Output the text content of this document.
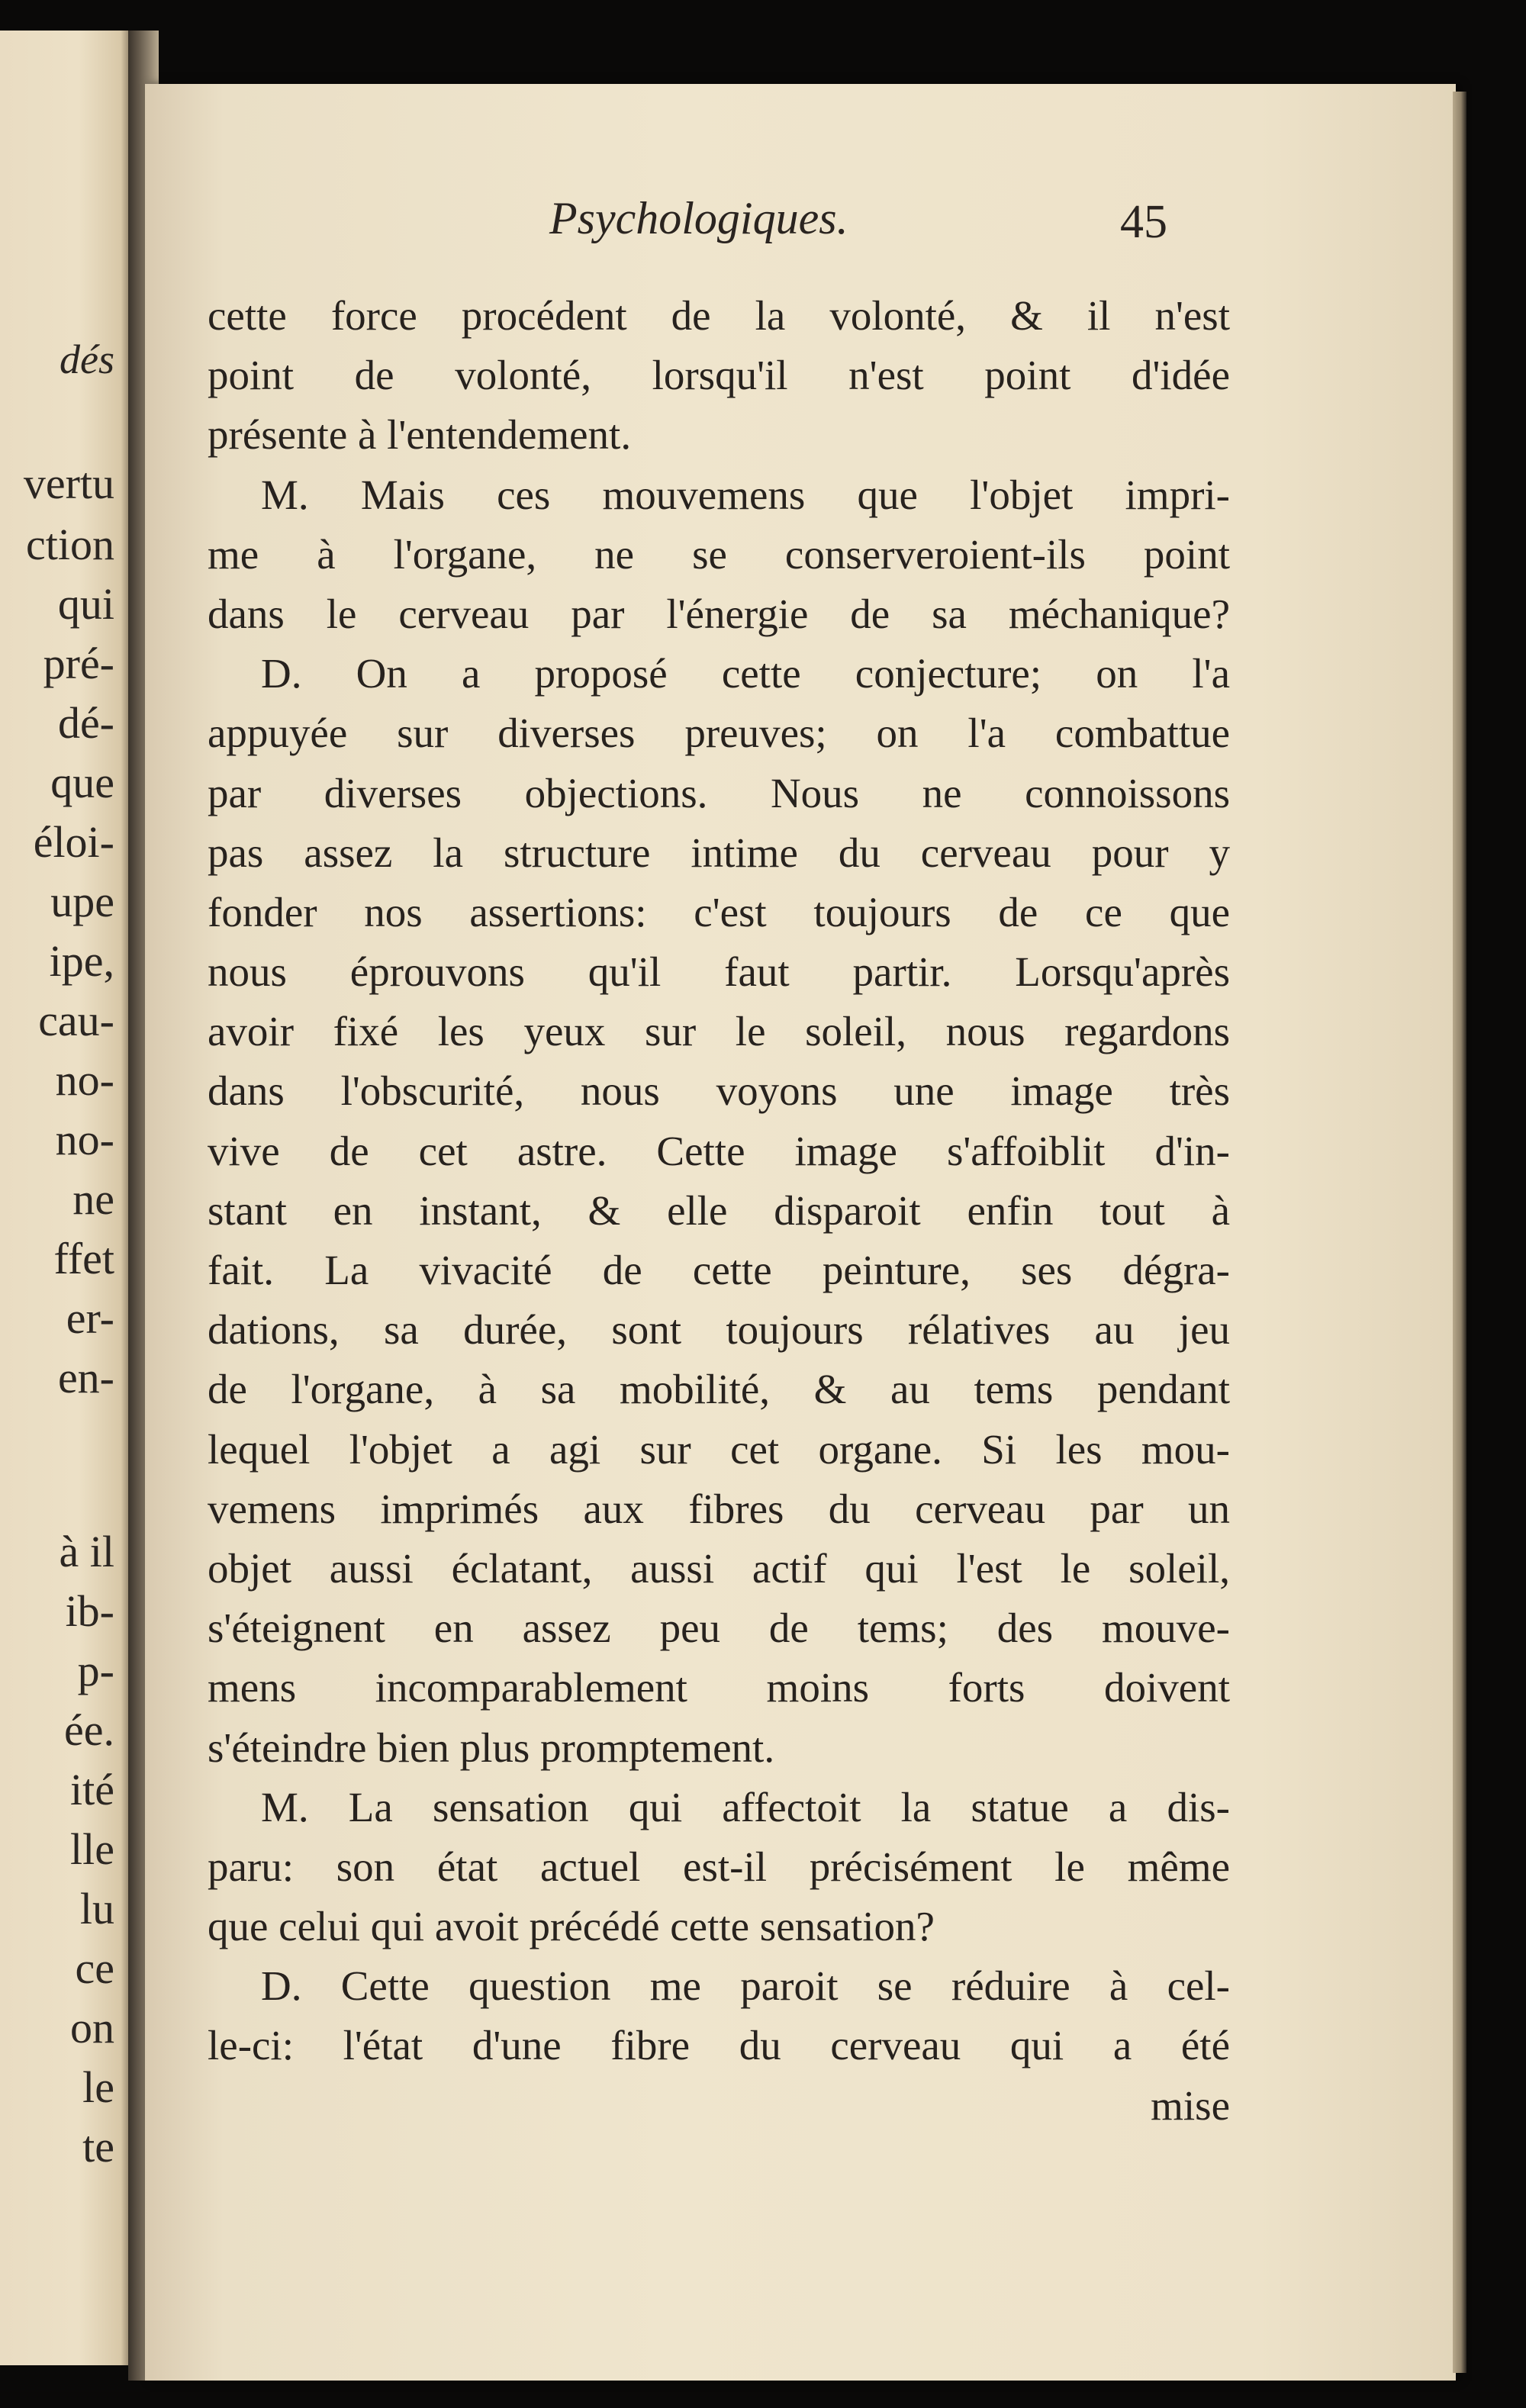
dés
vertu
ction
qui
pré-
dé-
que
éloi-
upe
ipe,
cau-
no-
no-
ne
ffet
er-
en-
à il
ib-
p-
ée.
ité
lle
lu
ce
on
le
te
Psychologiques.	45
cette force procédent de la volonté, & il n'est
point de volonté, lorsqu'il n'est point d'idée
présente à l'entendement.
M. Mais ces mouvemens que l'objet impri-
me à l'organe, ne se conserveroient-ils point
dans le cerveau par l'énergie de sa méchanique?
D. On a proposé cette conjecture; on l'a
appuyée sur diverses preuves; on l'a combattue
par diverses objections. Nous ne connoissons
pas assez la structure intime du cerveau pour y
fonder nos assertions: c'est toujours de ce que
nous éprouvons qu'il faut partir. Lorsqu'après
avoir fixé les yeux sur le soleil, nous regardons
dans l'obscurité, nous voyons une image très
vive de cet astre. Cette image s'affoiblit d'in-
stant en instant, & elle disparoit enfin tout à
fait. La vivacité de cette peinture, ses dégra-
dations, sa durée, sont toujours rélatives au jeu
de l'organe, à sa mobilité, & au tems pendant
lequel l'objet a agi sur cet organe. Si les mou-
vemens imprimés aux fibres du cerveau par un
objet aussi éclatant, aussi actif qui l'est le soleil,
s'éteignent en assez peu de tems; des mouve-
mens incomparablement moins forts doivent
s'éteindre bien plus promptement.
M. La sensation qui affectoit la statue a dis-
paru: son état actuel est-il précisément le même
que celui qui avoit précédé cette sensation?
D. Cette question me paroit se réduire à cel-
le-ci: l'état d'une fibre du cerveau qui a été
mise
